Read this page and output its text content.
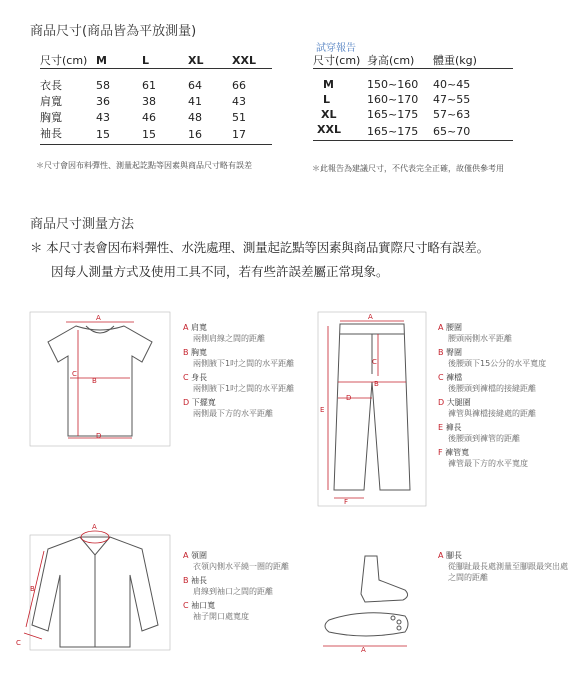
商品尺寸(商品皆為平放測量)
尺寸(cm)	M	L	XL	XXL
衣長	58	61	64	66
肩寬	36	38	41	43
胸寬	43	46	48	51
袖長	15	15	16	17
＊尺寸會因布料彈性、測量起訖點等因素與商品尺寸略有誤差
試穿報告
尺寸(cm)	身高(cm)	體重(kg)
M	150~160	40~45
L	160~170	47~55
XL	165~175	57~63
XXL	165~175	65~70
＊此報告為建議尺寸，不代表完全正確，故僅供參考用
商品尺寸測量方法
＊ 本尺寸表會因布料彈性、水洗處理、測量起訖點等因素與商品實際尺寸略有誤差。
因每人測量方式及使用工具不同，若有些許誤差屬正常現象。
A
B
C
D
A 肩寬
兩側肩線之間的距離
B 胸寬
兩側腋下1吋之間的水平距離
C 身長
兩側腋下1吋之間的水平距離
D 下擺寬
兩側最下方的水平距離
A
B
C
D
E
F
A 腰圍
腰頭兩側水平距離
B 臀圍
後腰頭下15公分的水平寬度
C 褲檔
後腰頭到褲檔的接縫距離
D 大腿圍
褲管與褲檔接縫處的距離
E 褲長
後腰頭到褲管的距離
F 褲管寬
褲管最下方的水平寬度
A
B
C
A 領圍
衣領內側水平繞一圈的距離
B 袖長
肩線到袖口之間的距離
C 袖口寬
袖子開口處寬度
A
A 腳長
從腳趾最長處測量至腳跟最突出處之間的距離
